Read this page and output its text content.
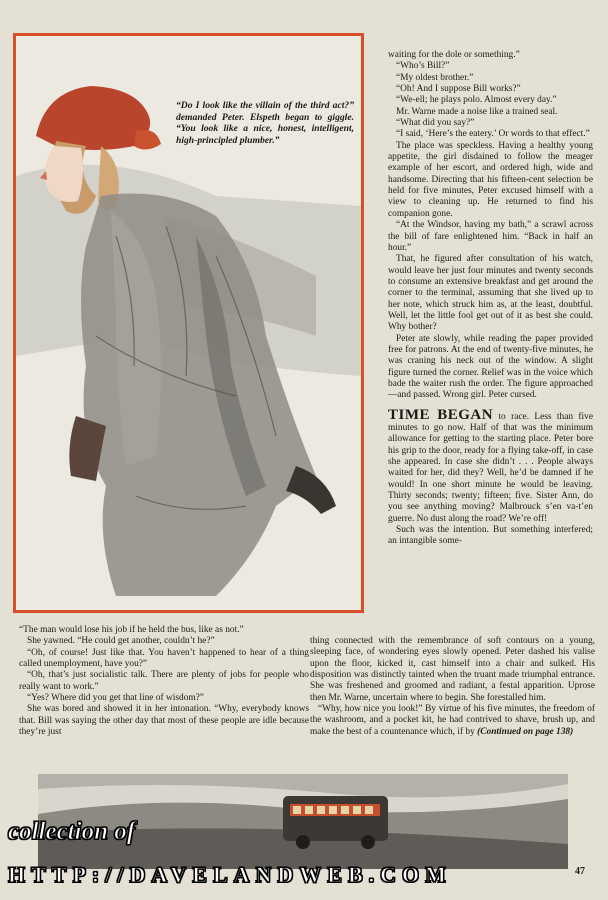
“Do I look like the villain of the third act?” demanded Peter. Elspeth began to giggle. “You look like a nice, honest, intelligent, high-principled plumber.”

waiting for the dole or something.”

“Who’s Bill?”

“My oldest brother.”

“Oh! And I suppose Bill works?”

“We-ell; he plays polo. Almost every day.”

Mr. Warne made a noise like a trained seal.

“What did you say?”

“I said, ‘Here’s the eatery.’ Or words to that effect.”

The place was speckless. Having a healthy young appetite, the girl disdained to follow the meager example of her escort, and ordered high, wide and handsome. Directing that his fifteen-cent selection be held for five minutes, Peter excused himself with a view to cleaning up. He returned to find his companion gone.

“At the Windsor, having my bath,” a scrawl across the bill of fare enlightened him. “Back in half an hour.”

That, he figured after consultation of his watch, would leave her just four minutes and twenty seconds to consume an extensive breakfast and get around the corner to the terminal, assuming that she lived up to her note, which struck him as, at the least, doubtful. Well, let the little fool get out of it as best she could. Why bother?

Peter ate slowly, while reading the paper provided free for patrons. At the end of twenty-five minutes, he was craning his neck out of the window. A slight figure turned the corner. Relief was in the voice which bade the waiter rush the order. The figure approached—and passed. Wrong girl. Peter cursed.

TIME BEGAN to race. Less than five minutes to go now. Half of that was the minimum allowance for getting to the starting place. Peter bore his grip to the door, ready for a flying take-off, in case she appeared. In case she didn’t . . . People always waited for her, did they? Well, he’d be damned if he would! In one short minute he would be leaving. Thirty seconds; twenty; fifteen; five. Sister Ann, do you see anything moving? Malbrouck s’en va-t’en guerre. No dust along the road? We’re off!

Such was the intention. But something interfered; an intangible some-

“The man would lose his job if he held the bus, like as not.”

She yawned. “He could get another, couldn’t he?”

“Oh, of course! Just like that. You haven’t happened to hear of a thing called unemployment, have you?”

“Oh, that’s just socialistic talk. There are plenty of jobs for people who really want to work.”

“Yes? Where did you get that line of wisdom?”

She was bored and showed it in her intonation. “Why, everybody knows that. Bill was saying the other day that most of these people are idle because they’re just

thing connected with the remembrance of soft contours on a young, sleeping face, of wondering eyes slowly opened. Peter dashed his valise upon the floor, kicked it, cast himself into a chair and sulked. His disposition was distinctly tainted when the truant made triumphal entrance. She was freshened and groomed and radiant, a festal apparition. Uprose then Mr. Warne, uncertain where to begin. She forestalled him.

“Why, how nice you look!” By virtue of his five minutes, the freedom of the washroom, and a pocket kit, he had contrived to shave, brush up, and make the best of a countenance which, if by (Continued on page 138)

collection of
HTTP://DAVELANDWEB.COM	47
